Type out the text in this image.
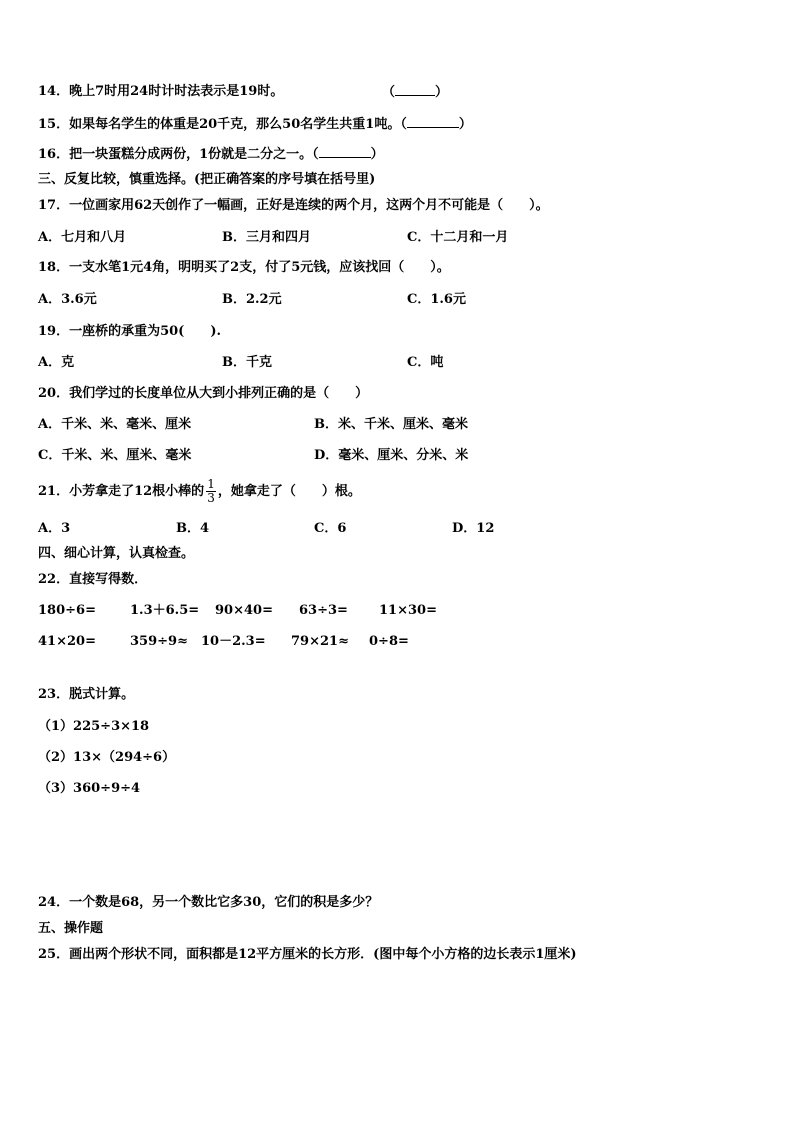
14．晚上7时用24时计时法表示是19时。	（	）
15．如果每名学生的体重是20千克，那么50名学生共重1吨。（	）
16．把一块蛋糕分成两份，1份就是二分之一。（	）
三、反复比较，慎重选择。(把正确答案的序号填在括号里)
17．一位画家用62天创作了一幅画，正好是连续的两个月，这两个月不可能是（　　）。
A．七月和八月	B．三月和四月	C．十二月和一月
18．一支水笔1元4角，明明买了2支，付了5元钱，应该找回（　　）。
A．3.6元	B．2.2元	C．1.6元
19．一座桥的承重为50(　　).
A．克	B．千克	C．吨
20．我们学过的长度单位从大到小排列正确的是（　　）
A．千米、米、毫米、厘米	B．米、千米、厘米、毫米
C．千米、米、厘米、毫米	D．毫米、厘米、分米、米
21．小芳拿走了12根小棒的 $\frac{1}{3}$ ，她拿走了（　　）根。
A．3	B．4	C．6	D．12
四、细心计算，认真检查。
22．直接写得数．
180÷6=	1.3＋6.5= 90×40= 63÷3= 11×30=
41×20=	359÷9≈ 10－2.3= 79×21≈ 0÷8=
23．脱式计算。
（1）225÷3×18
（2）13×（294÷6）
（3）360÷9÷4
24．一个数是68，另一个数比它多30，它们的积是多少？
五、操作题
25．画出两个形状不同，面积都是12平方厘米的长方形．(图中每个小方格的边长表示1厘米)
